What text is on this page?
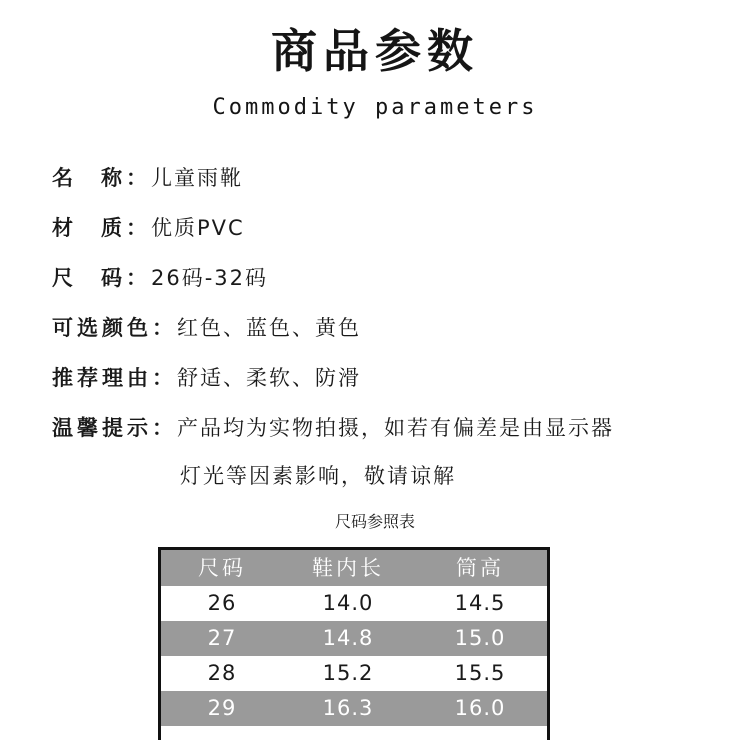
商品参数
Commodity parameters
名 称：儿童雨靴
材 质：优质PVC
尺 码：26码-32码
可选颜色：红色、蓝色、黄色
推荐理由：舒适、柔软、防滑
温馨提示：产品均为实物拍摄，如若有偏差是由显示器
灯光等因素影响，敬请谅解
尺码参照表
尺码	鞋内长	筒高
26	14.0	14.5
27	14.8	15.0
28	15.2	15.5
29	16.3	16.0
